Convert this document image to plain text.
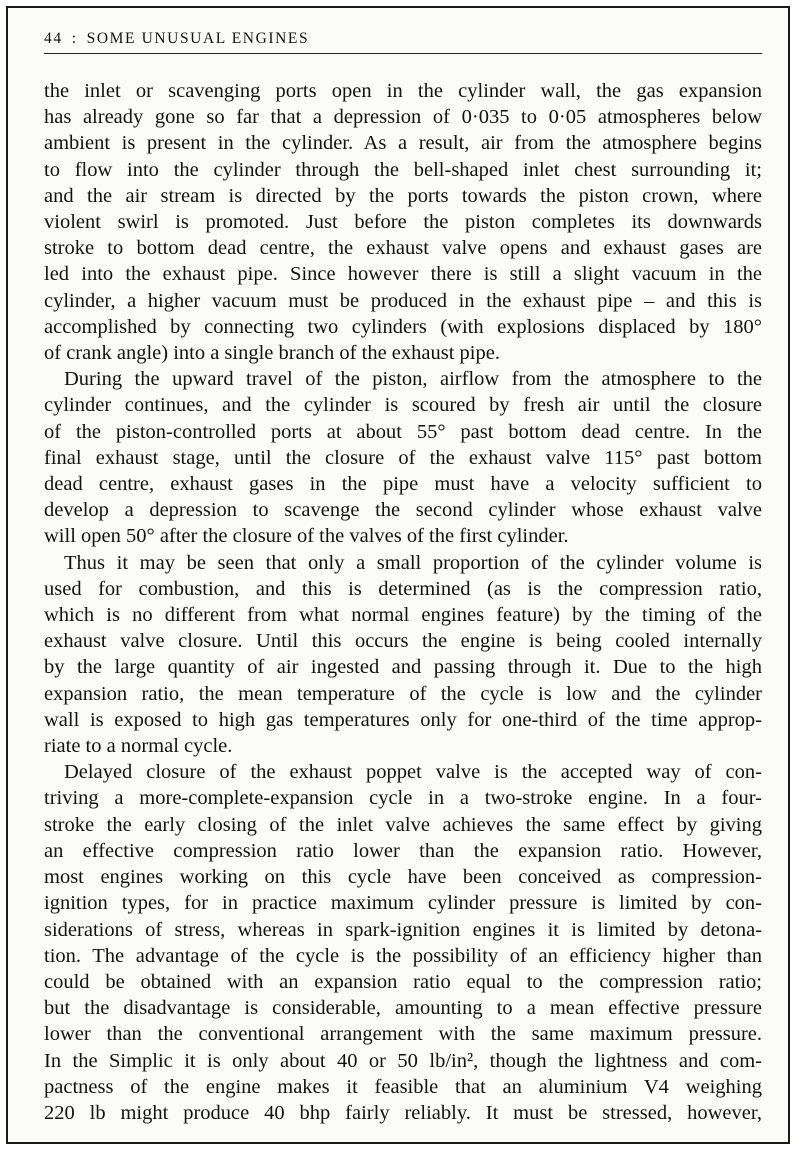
44 : SOME UNUSUAL ENGINES
the inlet or scavenging ports open in the cylinder wall, the gas expansion
has already gone so far that a depression of 0·035 to 0·05 atmospheres below
ambient is present in the cylinder. As a result, air from the atmosphere begins
to flow into the cylinder through the bell-shaped inlet chest surrounding it;
and the air stream is directed by the ports towards the piston crown, where
violent swirl is promoted. Just before the piston completes its downwards
stroke to bottom dead centre, the exhaust valve opens and exhaust gases are
led into the exhaust pipe. Since however there is still a slight vacuum in the
cylinder, a higher vacuum must be produced in the exhaust pipe – and this is
accomplished by connecting two cylinders (with explosions displaced by 180°
of crank angle) into a single branch of the exhaust pipe.
During the upward travel of the piston, airflow from the atmosphere to the
cylinder continues, and the cylinder is scoured by fresh air until the closure
of the piston-controlled ports at about 55° past bottom dead centre. In the
final exhaust stage, until the closure of the exhaust valve 115° past bottom
dead centre, exhaust gases in the pipe must have a velocity sufficient to
develop a depression to scavenge the second cylinder whose exhaust valve
will open 50° after the closure of the valves of the first cylinder.
Thus it may be seen that only a small proportion of the cylinder volume is
used for combustion, and this is determined (as is the compression ratio,
which is no different from what normal engines feature) by the timing of the
exhaust valve closure. Until this occurs the engine is being cooled internally
by the large quantity of air ingested and passing through it. Due to the high
expansion ratio, the mean temperature of the cycle is low and the cylinder
wall is exposed to high gas temperatures only for one-third of the time approp-
riate to a normal cycle.
Delayed closure of the exhaust poppet valve is the accepted way of con-
triving a more-complete-expansion cycle in a two-stroke engine. In a four-
stroke the early closing of the inlet valve achieves the same effect by giving
an effective compression ratio lower than the expansion ratio. However,
most engines working on this cycle have been conceived as compression-
ignition types, for in practice maximum cylinder pressure is limited by con-
siderations of stress, whereas in spark-ignition engines it is limited by detona-
tion. The advantage of the cycle is the possibility of an efficiency higher than
could be obtained with an expansion ratio equal to the compression ratio;
but the disadvantage is considerable, amounting to a mean effective pressure
lower than the conventional arrangement with the same maximum pressure.
In the Simplic it is only about 40 or 50 lb/in², though the lightness and com-
pactness of the engine makes it feasible that an aluminium V4 weighing
220 lb might produce 40 bhp fairly reliably. It must be stressed, however,
